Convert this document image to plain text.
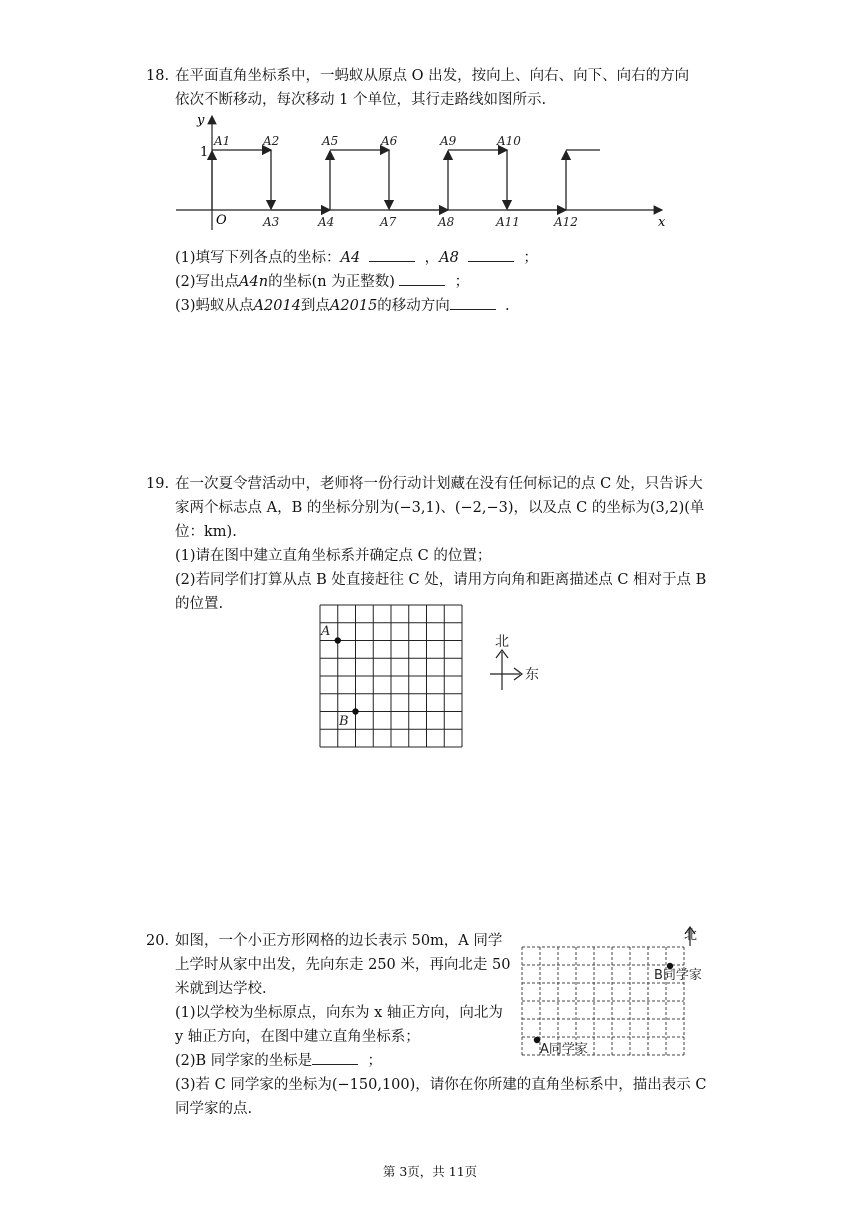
18. 在平面直角坐标系中，一蚂蚁从原点 O 出发，按向上、向右、向下、向右的方向
依次不断移动，每次移动 1 个单位，其行走路线如图所示.
y
x
O
1
A1	A2	A5	A6	A9	A10
A3	A4	A7	A8	A11	A12
(1)填写下列各点的坐标：A4	，A8	；
(2)写出点A4n的坐标(n 为正整数)	；
(3)蚂蚁从点A2014到点A2015的移动方向	.
19. 在一次夏令营活动中，老师将一份行动计划藏在没有任何标记的点 C 处，只告诉大
家两个标志点 A，B 的坐标分别为(−3,1)、(−2,−3)，以及点 C 的坐标为(3,2)(单
位：km).
(1)请在图中建立直角坐标系并确定点 C 的位置；
(2)若同学们打算从点 B 处直接赶往 C 处，请用方向角和距离描述点 C 相对于点 B
的位置.
A
B
北
东
20. 如图，一个小正方形网格的边长表示 50m，A 同学
上学时从家中出发，先向东走 250 米，再向北走 50
米就到达学校.
(1)以学校为坐标原点，向东为 x 轴正方向，向北为
y 轴正方向，在图中建立直角坐标系；
(2)B 同学家的坐标是	；
(3)若 C 同学家的坐标为(−150,100)，请你在你所建的直角坐标系中，描出表示 C
同学家的点.
北
B同学家
A同学家
第 3页，共 11页
